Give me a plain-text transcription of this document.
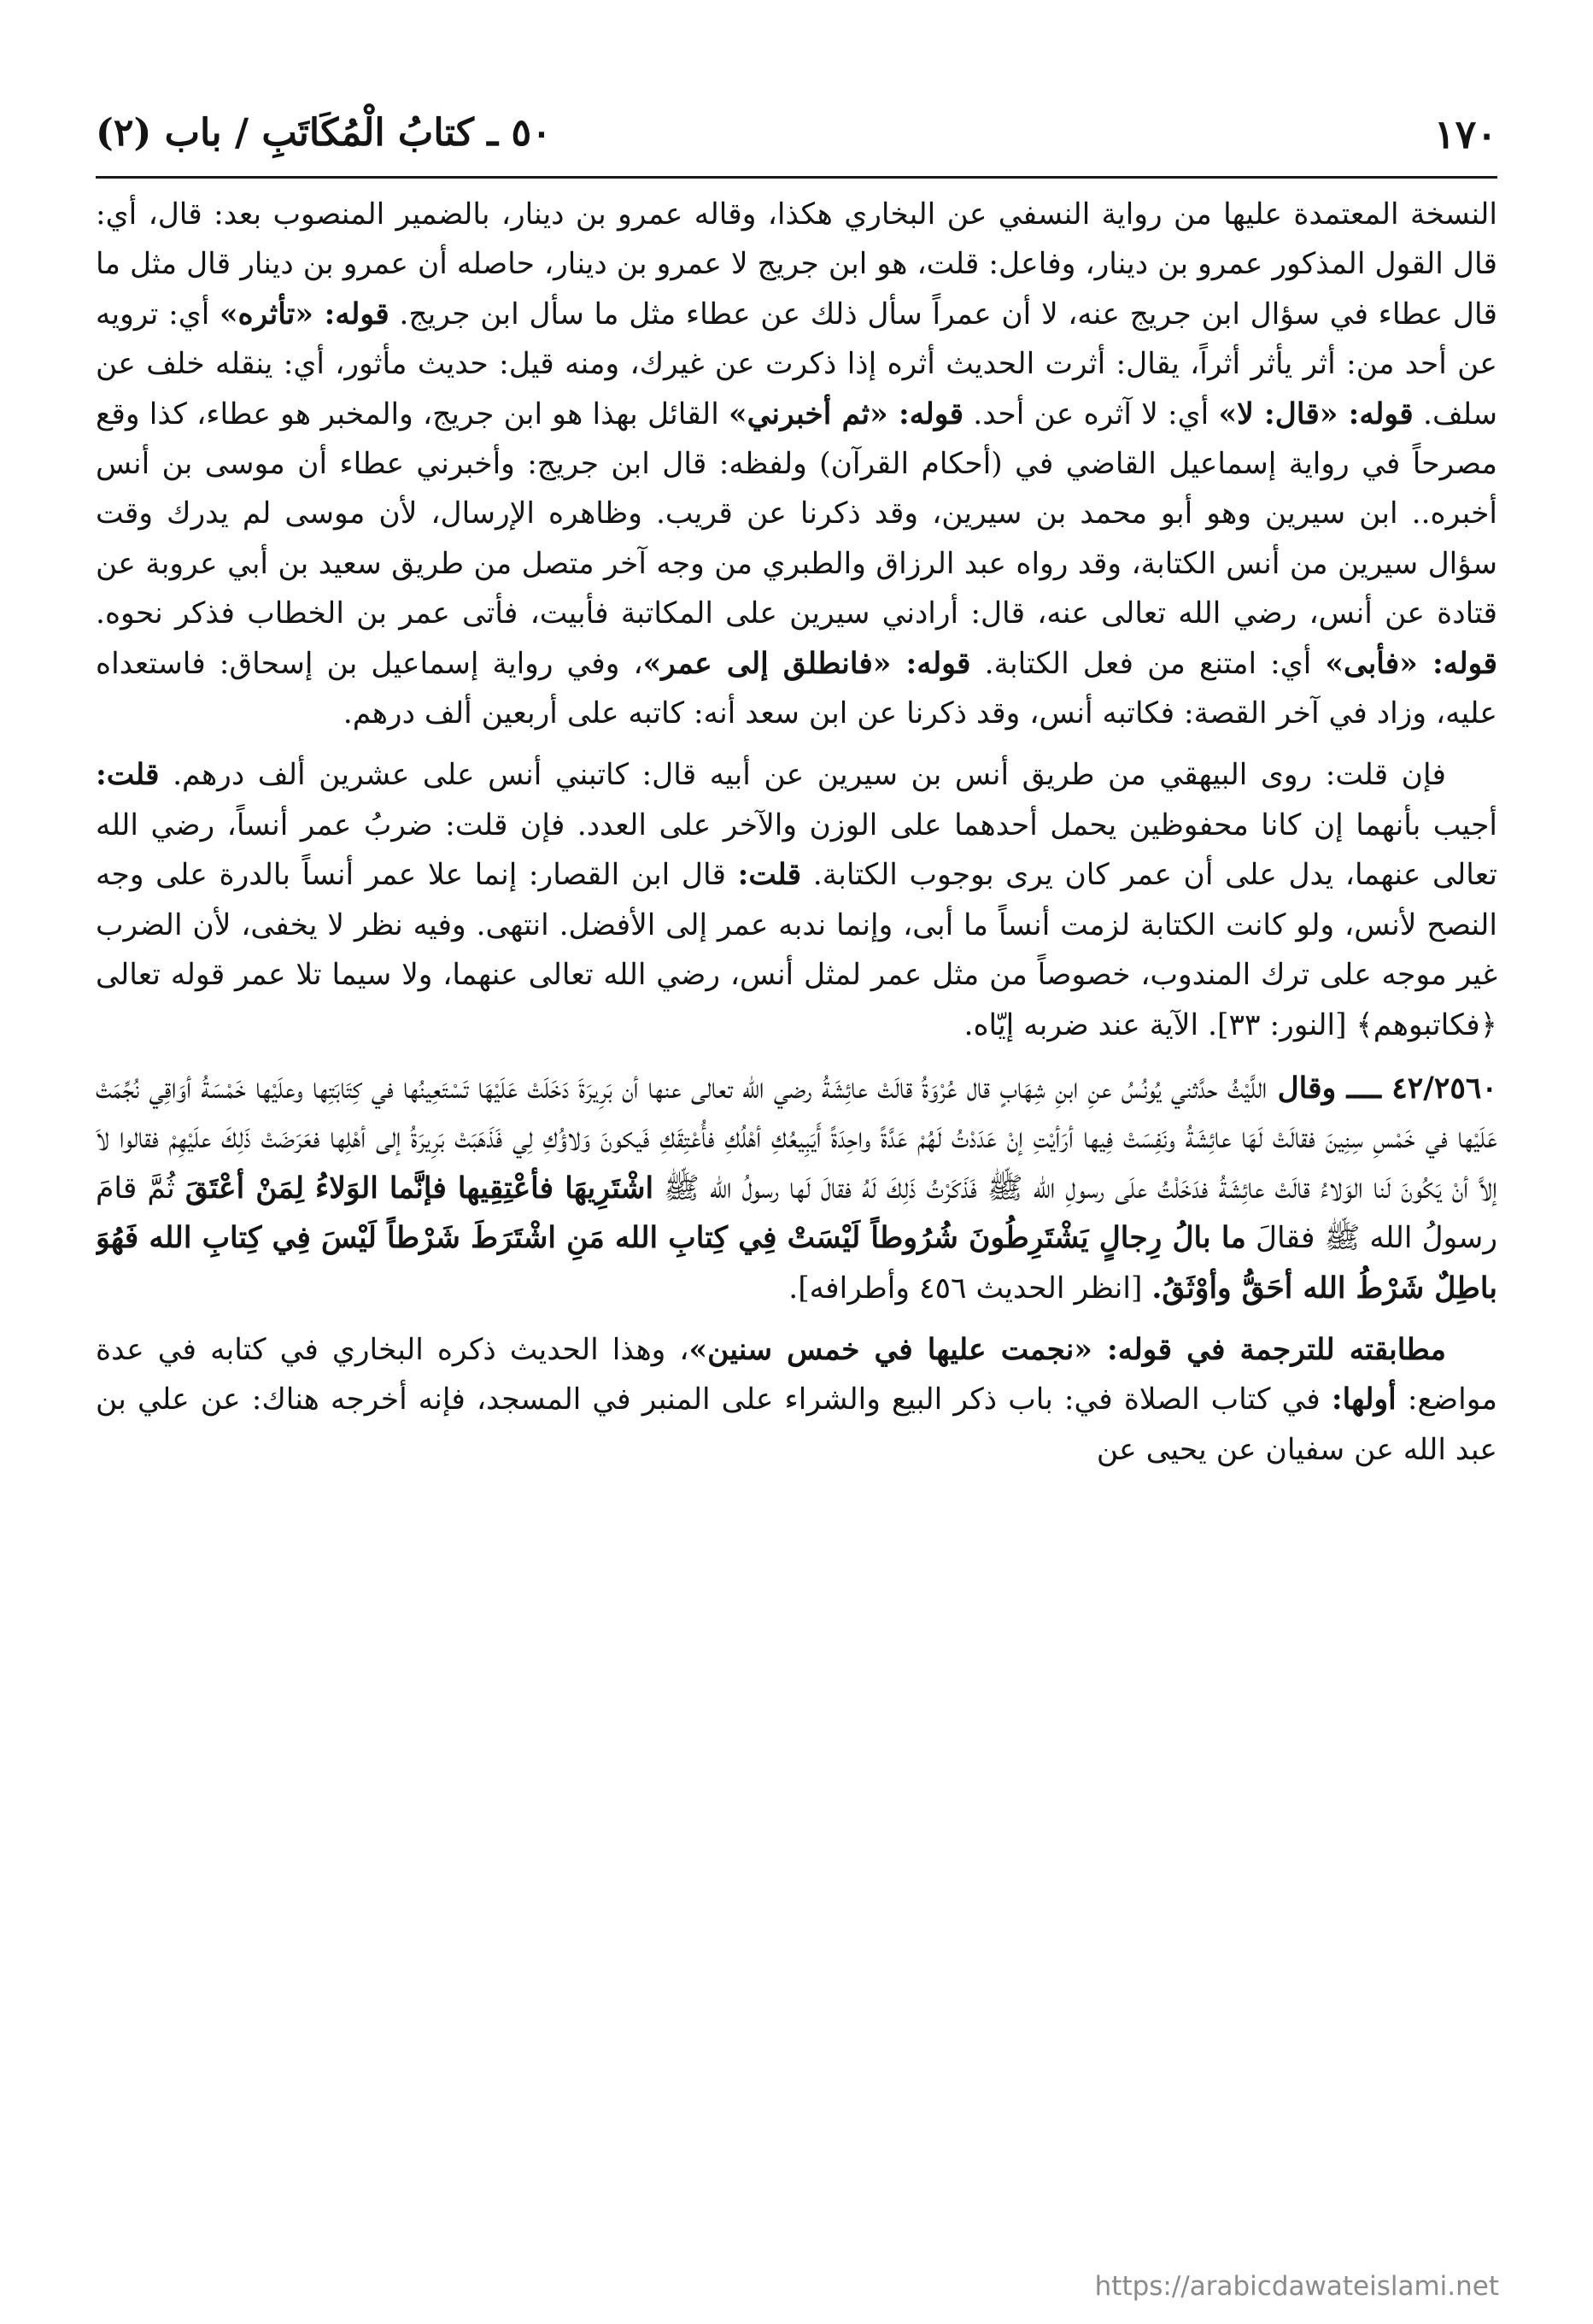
٥٠ ـ كتابُ الْمُكَاتَبِ / باب (٢)	١٧٠

النسخة المعتمدة عليها من رواية النسفي عن البخاري هكذا، وقاله عمرو بن دينار، بالضمير المنصوب بعد: قال، أي: قال القول المذكور عمرو بن دينار، وفاعل: قلت، هو ابن جريج لا عمرو بن دينار، حاصله أن عمرو بن دينار قال مثل ما قال عطاء في سؤال ابن جريج عنه، لا أن عمراً سأل ذلك عن عطاء مثل ما سأل ابن جريج. قوله: «تأثره» أي: ترويه عن أحد من: أثر يأثر أثراً، يقال: أثرت الحديث أثره إذا ذكرت عن غيرك، ومنه قيل: حديث مأثور، أي: ينقله خلف عن سلف. قوله: «قال: لا» أي: لا آثره عن أحد. قوله: «ثم أخبرني» القائل بهذا هو ابن جريج، والمخبر هو عطاء، كذا وقع مصرحاً في رواية إسماعيل القاضي في (أحكام القرآن) ولفظه: قال ابن جريج: وأخبرني عطاء أن موسى بن أنس أخبره.. ابن سيرين وهو أبو محمد بن سيرين، وقد ذكرنا عن قريب. وظاهره الإرسال، لأن موسى لم يدرك وقت سؤال سيرين من أنس الكتابة، وقد رواه عبد الرزاق والطبري من وجه آخر متصل من طريق سعيد بن أبي عروبة عن قتادة عن أنس، رضي الله تعالى عنه، قال: أرادني سيرين على المكاتبة فأبيت، فأتى عمر بن الخطاب فذكر نحوه. قوله: «فأبى» أي: امتنع من فعل الكتابة. قوله: «فانطلق إلى عمر»، وفي رواية إسماعيل بن إسحاق: فاستعداه عليه، وزاد في آخر القصة: فكاتبه أنس، وقد ذكرنا عن ابن سعد أنه: كاتبه على أربعين ألف درهم.

فإن قلت: روى البيهقي من طريق أنس بن سيرين عن أبيه قال: كاتبني أنس على عشرين ألف درهم. قلت: أجيب بأنهما إن كانا محفوظين يحمل أحدهما على الوزن والآخر على العدد. فإن قلت: ضربُ عمر أنساً، رضي الله تعالى عنهما، يدل على أن عمر كان يرى بوجوب الكتابة. قلت: قال ابن القصار: إنما علا عمر أنساً بالدرة على وجه النصح لأنس، ولو كانت الكتابة لزمت أنساً ما أبى، وإنما ندبه عمر إلى الأفضل. انتهى. وفيه نظر لا يخفى، لأن الضرب غير موجه على ترك المندوب، خصوصاً من مثل عمر لمثل أنس، رضي الله تعالى عنهما، ولا سيما تلا عمر قوله تعالى ﴿فكاتبوهم﴾ [النور: ٣٣]. الآية عند ضربه إيّاه.

٤٢/٢٥٦٠ ــــ وقال اللَّيْثُ حدَّثني يُونُسُ عنِ ابنِ شِهَابٍ قال عُرْوَةُ قالَتْ عائِشَةُ رضي الله تعالى عنها أن بَرِيرَةَ دَخَلَتْ عَلَيْهَا تَسْتَعِينُها في كِتَابَتِها وعلَيْها خَمْسَةُ أوَاقِي نُجِّمَتْ عَلَيْها في خَمْسِ سِنِينَ فقالَتْ لَهَا عائِشَةُ ونَفِسَتْ فِيها أرَأيْتِ إنْ عَدَدْتُ لَهُمْ عَدَّةً واحِدَةً أَيَبِيعُكِ أهْلُكِ فأُعْتِقَكِ فَيكونَ وَلاؤُكِ لِي فَذَهَبَتْ بَرِيرَةُ إلى أهْلِها فعَرَضَتْ ذَلِكَ علَيْهِمْ فقالوا لاَ إلاَّ أنْ يَكُونَ لَنا الوَلاءُ قالَتْ عائِشَةُ فدَخَلْتُ علَى رسولِ الله ﷺ فَذَكَرْتُ ذَلِكَ لَهُ فقالَ لَها رسولُ الله ﷺ اشْتَرِيهَا فأعْتِقِيها فإنَّما الوَلاءُ لِمَنْ أعْتَقَ ثُمَّ قامَ رسولُ الله ﷺ فقالَ ما بالُ رِجالٍ يَشْتَرِطُونَ شُرُوطاً لَيْسَتْ فِي كِتابِ الله مَنِ اشْتَرَطَ شَرْطاً لَيْسَ فِي كِتابِ الله فَهُوَ باطِلٌ شَرْطُ الله أحَقُّ وأوْثَقُ. [انظر الحديث ٤٥٦ وأطرافه].

مطابقته للترجمة في قوله: «نجمت عليها في خمس سنين»، وهذا الحديث ذكره البخاري في كتابه في عدة مواضع: أولها: في كتاب الصلاة في: باب ذكر البيع والشراء على المنبر في المسجد، فإنه أخرجه هناك: عن علي بن عبد الله عن سفيان عن يحيى عن

https://arabicdawateislami.net
